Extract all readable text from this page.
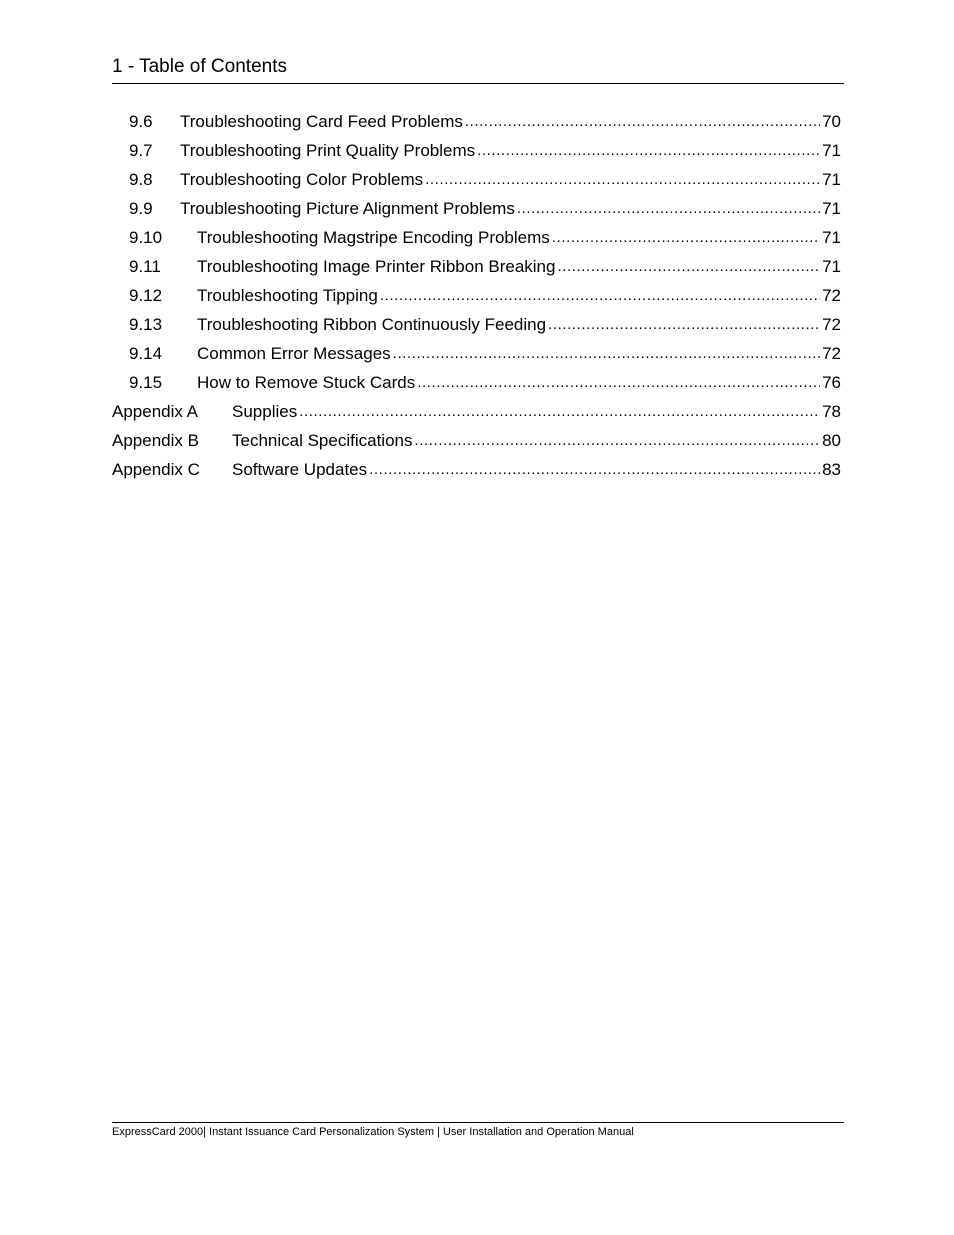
1 - Table of Contents
9.6	Troubleshooting Card Feed Problems .....	70
9.7	Troubleshooting Print Quality Problems .....	71
9.8	Troubleshooting Color Problems .....	71
9.9	Troubleshooting Picture Alignment Problems .....	71
9.10	Troubleshooting Magstripe Encoding Problems .....	71
9.11	Troubleshooting Image Printer Ribbon Breaking .....	71
9.12	Troubleshooting Tipping .....	72
9.13	Troubleshooting Ribbon Continuously Feeding .....	72
9.14	Common Error Messages .....	72
9.15	How to Remove Stuck Cards .....	76
Appendix A	Supplies .....	78
Appendix B	Technical Specifications .....	80
Appendix C	Software Updates .....	83
ExpressCard 2000| Instant Issuance Card Personalization System | User Installation and Operation Manual
